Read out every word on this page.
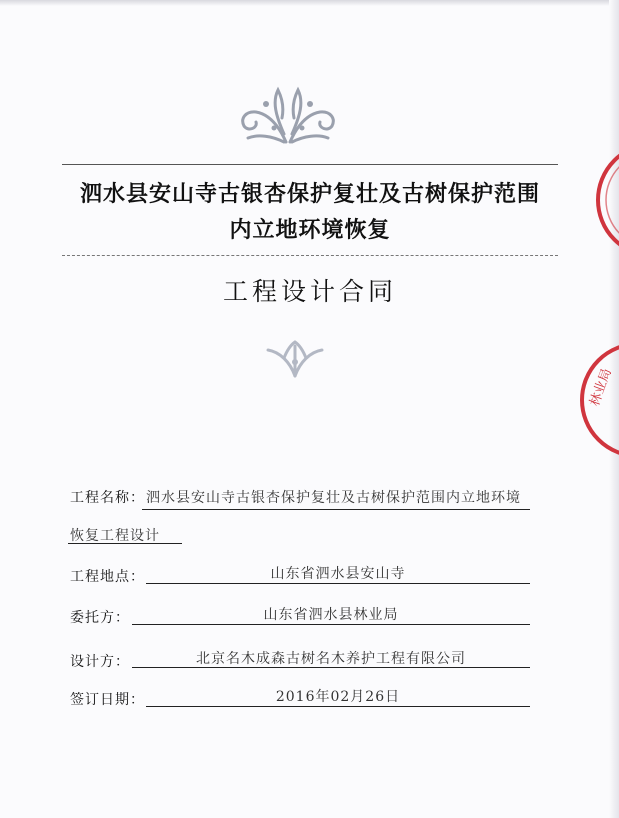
泗水县安山寺古银杏保护复壮及古树保护范围
内立地环境恢复
工程设计合同
工程名称： 泗水县安山寺古银杏保护复壮及古树保护范围内立地环境
恢复工程设计
工程地点：	山东省泗水县安山寺
委托方：	山东省泗水县林业局
设计方：	北京名木成森古树名木养护工程有限公司
签订日期：	2016年02月26日
林业局
